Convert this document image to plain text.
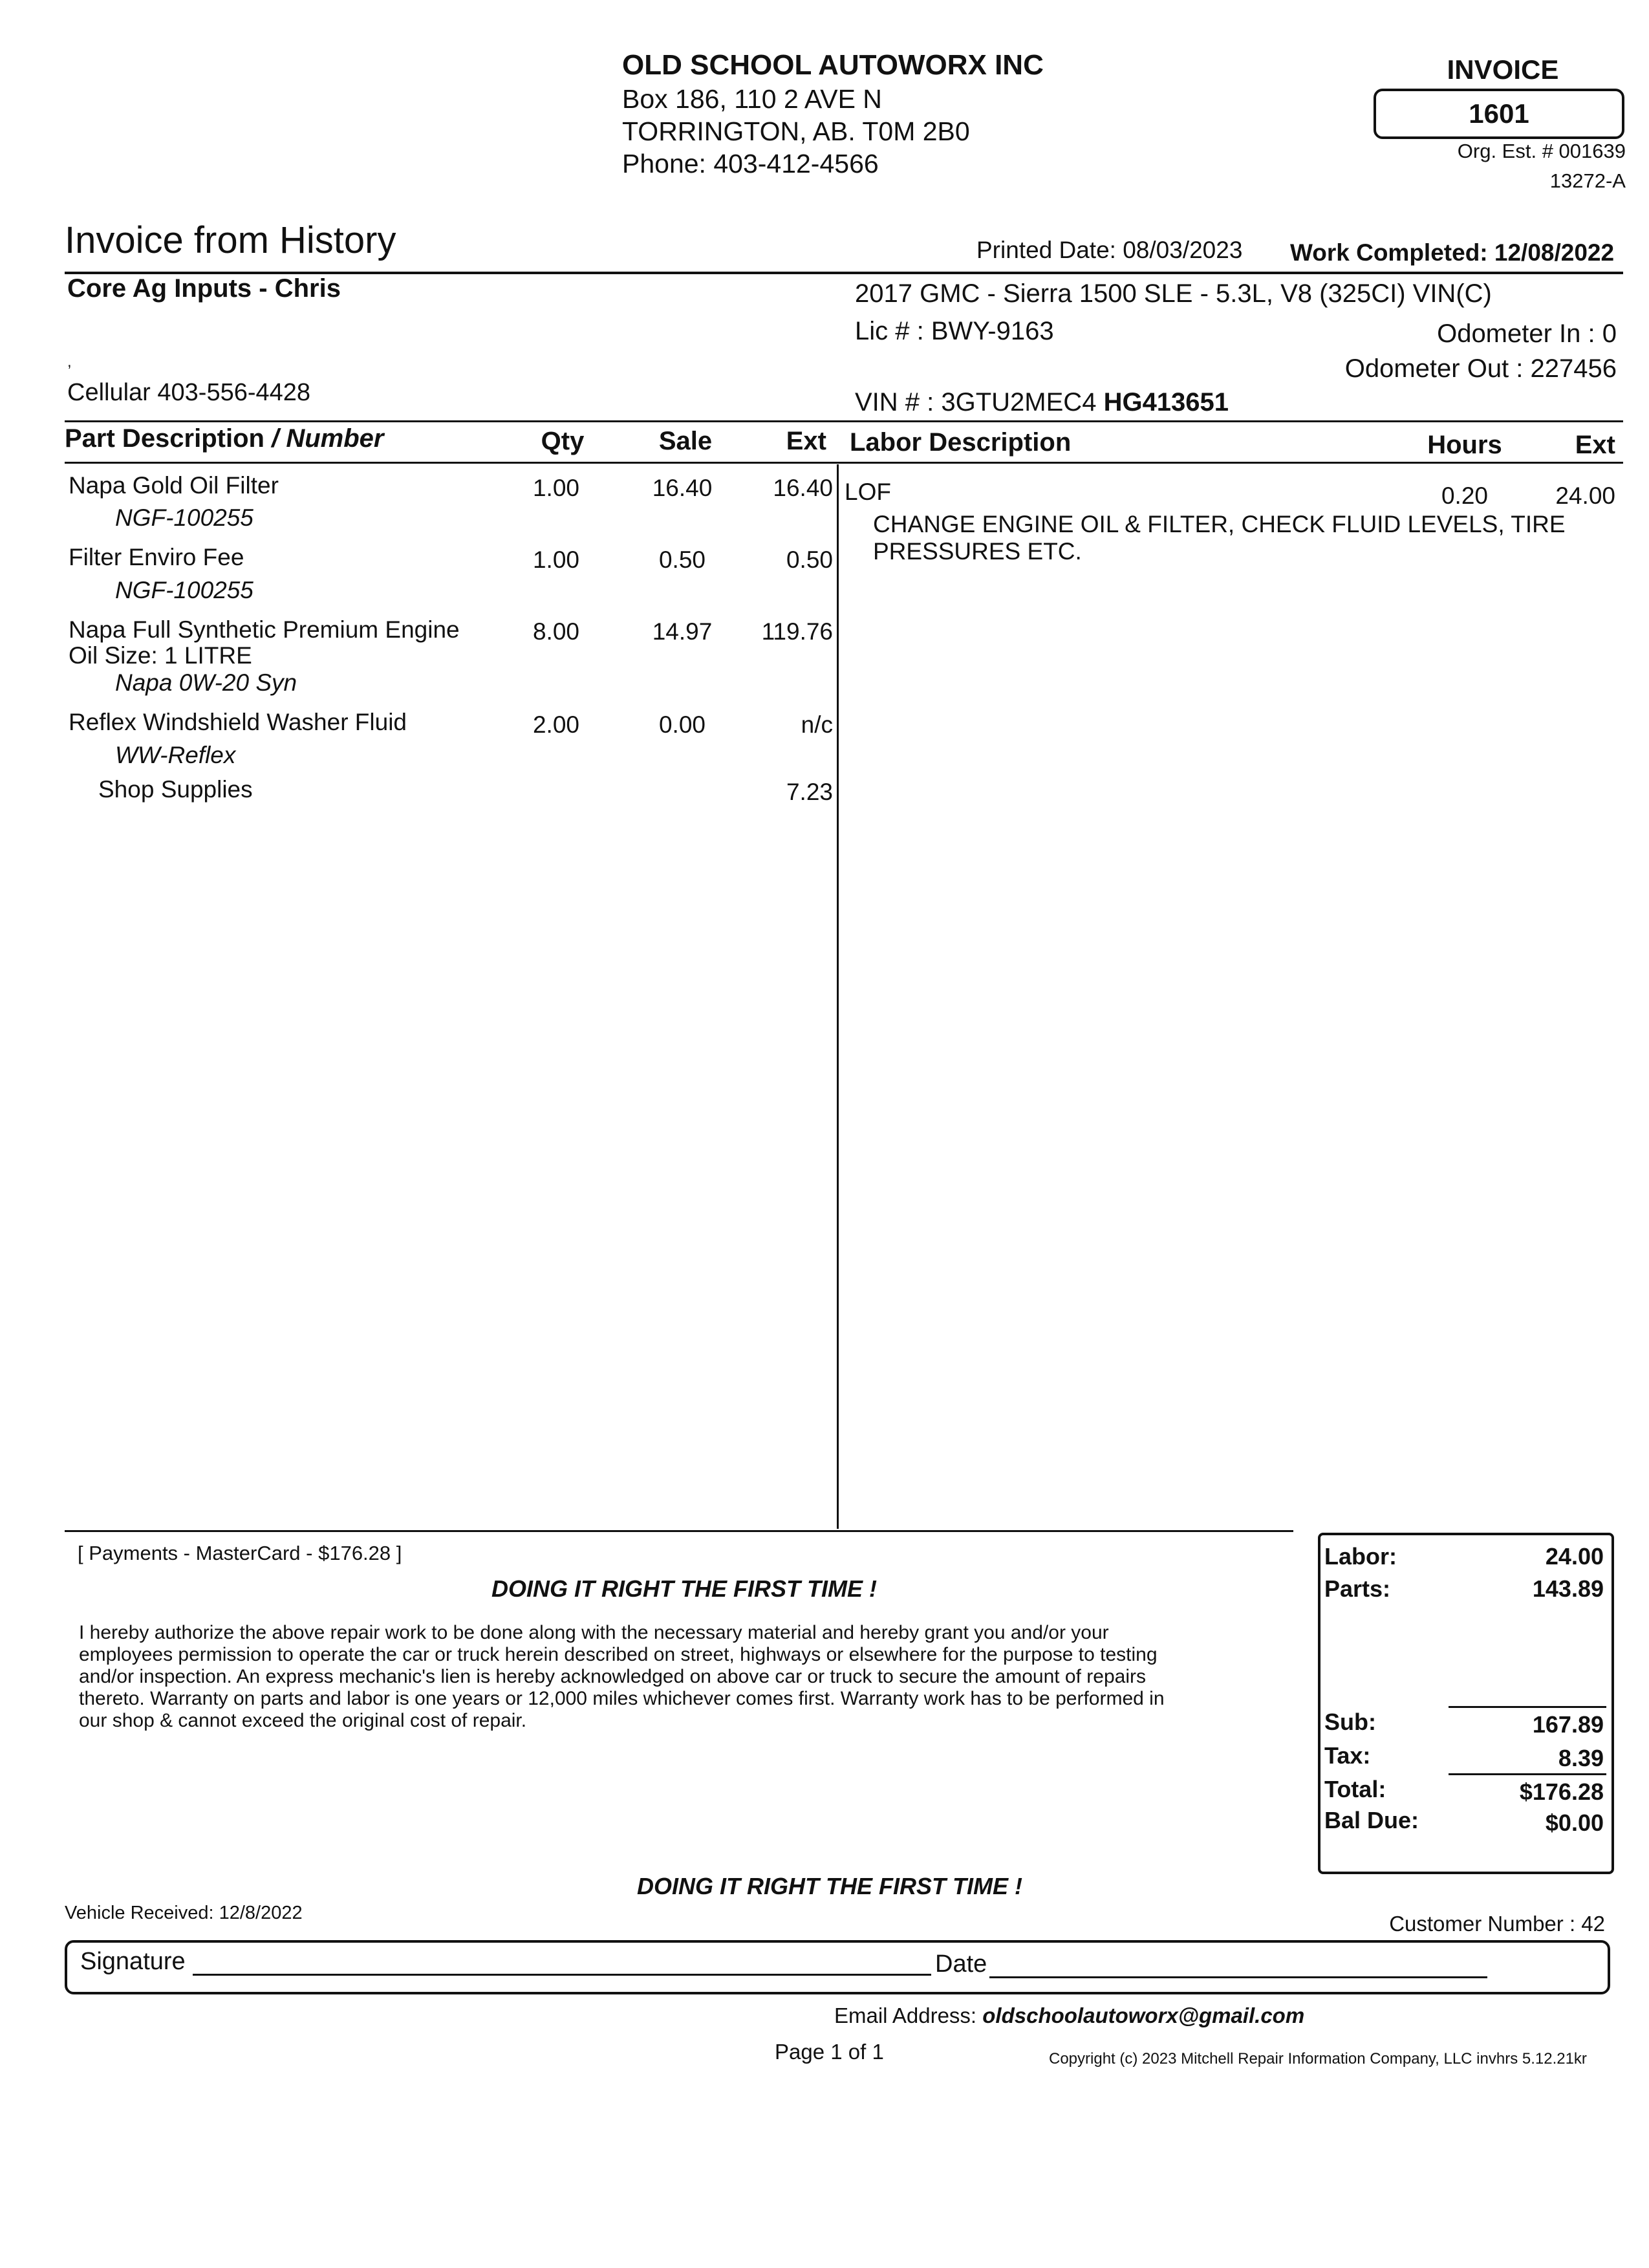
OLD SCHOOL AUTOWORX INC
Box 186, 110 2 AVE N
TORRINGTON, AB. T0M 2B0
Phone: 403-412-4566
INVOICE
1601
Org. Est. # 001639
13272-A
Invoice from History	Printed Date: 08/03/2023 Work Completed: 12/08/2022
Core Ag Inputs - Chris
,
Cellular 403-556-4428
2017 GMC - Sierra 1500 SLE - 5.3L, V8 (325CI) VIN(C)
Lic # : BWY-9163	Odometer In : 0
Odometer Out : 227456
VIN # : 3GTU2MEC4 HG413651
Part Description / Number	Qty	Sale	Ext Labor Description	Hours	Ext
Napa Gold Oil Filter
NGF-100255
1.00	16.40	16.40
Filter Enviro Fee
NGF-100255
1.00	0.50	0.50
Napa Full Synthetic Premium Engine
Oil Size: 1 LITRE
Napa 0W-20 Syn
8.00	14.97	119.76
Reflex Windshield Washer Fluid
WW-Reflex
2.00	0.00	n/c
Shop Supplies	7.23
LOF	0.20	24.00
CHANGE ENGINE OIL & FILTER, CHECK FLUID LEVELS, TIRE
PRESSURES ETC.
[ Payments - MasterCard - $176.28 ]
DOING IT RIGHT THE FIRST TIME !
I hereby authorize the above repair work to be done along with the necessary material and hereby grant you and/or your
employees permission to operate the car or truck herein described on street, highways or elsewhere for the purpose to testing
and/or inspection. An express mechanic's lien is hereby acknowledged on above car or truck to secure the amount of repairs
thereto. Warranty on parts and labor is one years or 12,000 miles whichever comes first. Warranty work has to be performed in
our shop & cannot exceed the original cost of repair.
Labor:	24.00
Parts:	143.89
Sub:	167.89
Tax:	8.39
Total:	$176.28
Bal Due:	$0.00
DOING IT RIGHT THE FIRST TIME !
Vehicle Received: 12/8/2022	Customer Number : 42
Signature	Date
Email Address: oldschoolautoworx@gmail.com
Page 1 of 1	Copyright (c) 2023 Mitchell Repair Information Company, LLC invhrs 5.12.21kr
